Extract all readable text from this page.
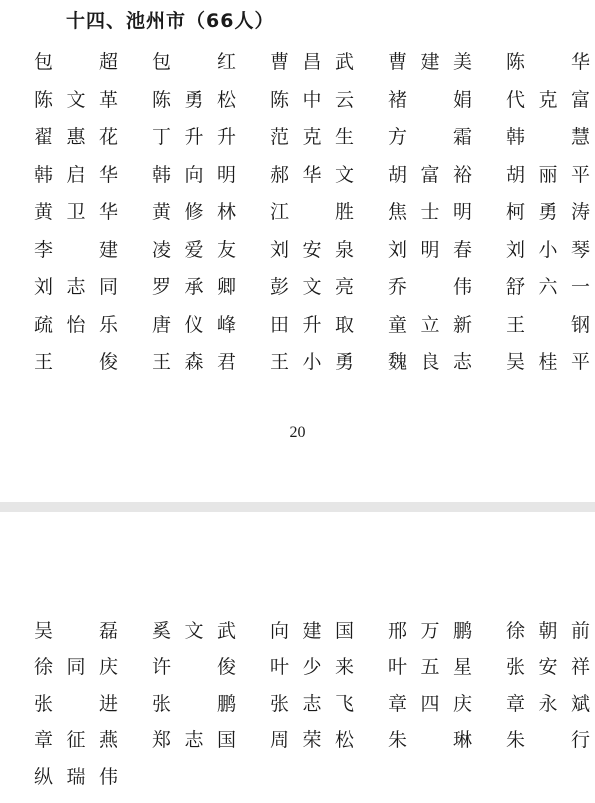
十四、池州市（66人）
包 超 包 红 曹 昌 武 曹 建 美 陈 华
陈 文 革 陈 勇 松 陈 中 云 褚 娟 代 克 富
翟 惠 花 丁 升 升 范 克 生 方 霜 韩 慧
韩 启 华 韩 向 明 郝 华 文 胡 富 裕 胡 丽 平
黄 卫 华 黄 修 林 江 胜 焦 士 明 柯 勇 涛
李 建 凌 爱 友 刘 安 泉 刘 明 春 刘 小 琴
刘 志 同 罗 承 卿 彭 文 亮 乔 伟 舒 六 一
疏 怡 乐 唐 仪 峰 田 升 取 童 立 新 王 钢
王 俊 王 森 君 王 小 勇 魏 良 志 吴 桂 平
20
吴 磊 奚 文 武 向 建 国 邢 万 鹏 徐 朝 前
徐 同 庆 许 俊 叶 少 来 叶 五 星 张 安 祥
张 进 张 鹏 张 志 飞 章 四 庆 章 永 斌
章 征 燕 郑 志 国 周 荣 松 朱 琳 朱 行
纵 瑞 伟
